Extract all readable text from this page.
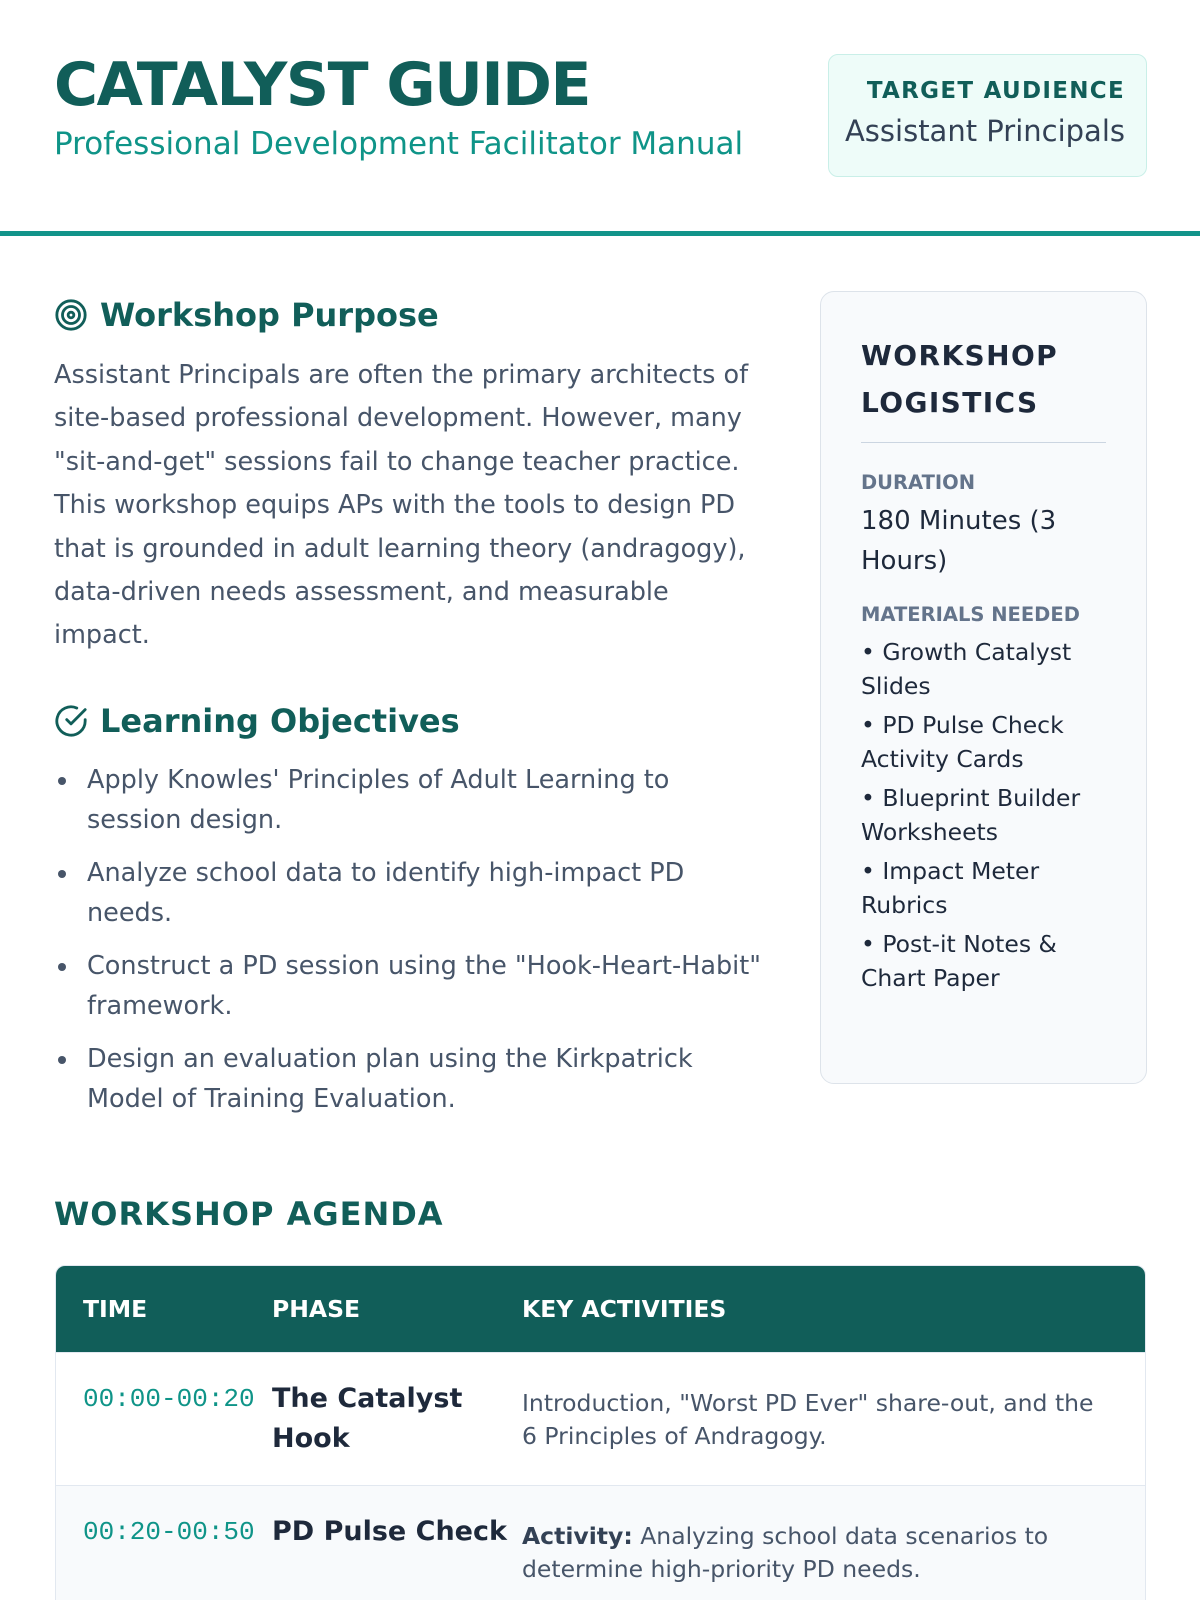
CATALYST GUIDE
Professional Development Facilitator Manual
TARGET AUDIENCE
Assistant Principals
Workshop Purpose

Assistant Principals are often the primary architects of site-based professional development. However, many "sit-and-get" sessions fail to change teacher practice. This workshop equips APs with the tools to design PD that is grounded in adult learning theory (andragogy), data-driven needs assessment, and measurable impact.

Learning Objectives
Apply Knowles' Principles of Adult Learning to session design.
Analyze school data to identify high-impact PD needs.
Construct a PD session using the "Hook-Heart-Habit" framework.
Design an evaluation plan using the Kirkpatrick Model of Training Evaluation.
WORKSHOP LOGISTICS
DURATION
180 Minutes (3 Hours)
MATERIALS NEEDED
• Growth Catalyst Slides
• PD Pulse Check Activity Cards
• Blueprint Builder Worksheets
• Impact Meter Rubrics
• Post-it Notes & Chart Paper
WORKSHOP AGENDA
TIME	PHASE	KEY ACTIVITIES
00:00-00:20 The Catalyst Hook
Introduction, "Worst PD Ever" share-out, and the 6 Principles of Andragogy.
00:20-00:50 PD Pulse Check Activity: Analyzing school data scenarios to determine high-priority PD needs.
